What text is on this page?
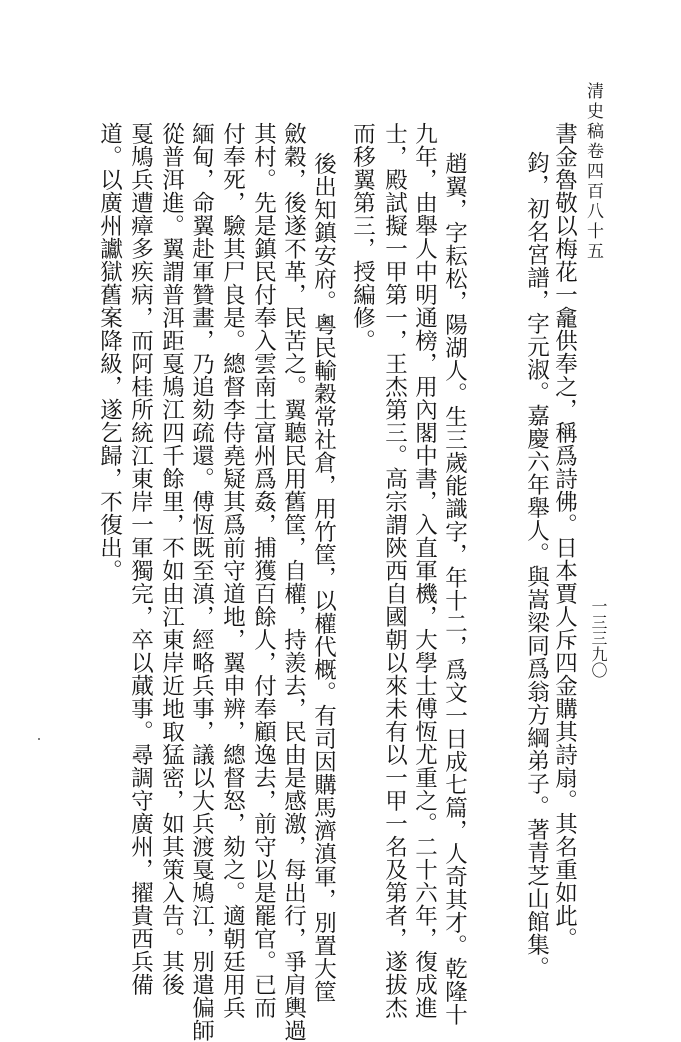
清史稿卷四百八十五
一三三九〇
書金魯敬以梅花一龕供奉之，稱爲詩佛。日本賈人斥四金購其詩扇。其名重如此。
鈞，初名宮譜，字元淑。嘉慶六年舉人。與嵩梁同爲翁方綱弟子。著青芝山館集。
趙翼，字耘松，陽湖人。生三歲能識字，年十二，爲文一日成七篇，人奇其才。乾隆十
九年，由舉人中明通榜，用內閣中書，入直軍機，大學士傅恆尤重之。二十六年，復成進
士，殿試擬一甲第一，王杰第三。高宗謂陝西自國朝以來未有以一甲一名及第者，遂拔杰
而移翼第三，授編修。
後出知鎮安府。粵民輸穀常社倉，用竹筐，以權代概。有司因購馬濟滇軍，別置大筐
斂穀，後遂不革，民苦之。翼聽民用舊筐，自權，持羨去，民由是感激，每出行，爭肩輿過
其村。先是鎮民付奉入雲南土富州爲姦，捕獲百餘人，付奉顧逸去，前守以是罷官。已而
付奉死，驗其尸良是。總督李侍堯疑其爲前守道地，翼申辨，總督怒，劾之。適朝廷用兵
緬甸，命翼赴軍贊畫，乃追劾疏還。傅恆既至滇，經略兵事，議以大兵渡戛鳩江，別遣偏師
從普洱進。翼謂普洱距戛鳩江四千餘里，不如由江東岸近地取猛密，如其策入告。其後
戛鳩兵遭瘴多疾病，而阿桂所統江東岸一軍獨完，卒以蕆事。尋調守廣州，擢貴西兵備
道。以廣州讞獄舊案降級，遂乞歸，不復出。
